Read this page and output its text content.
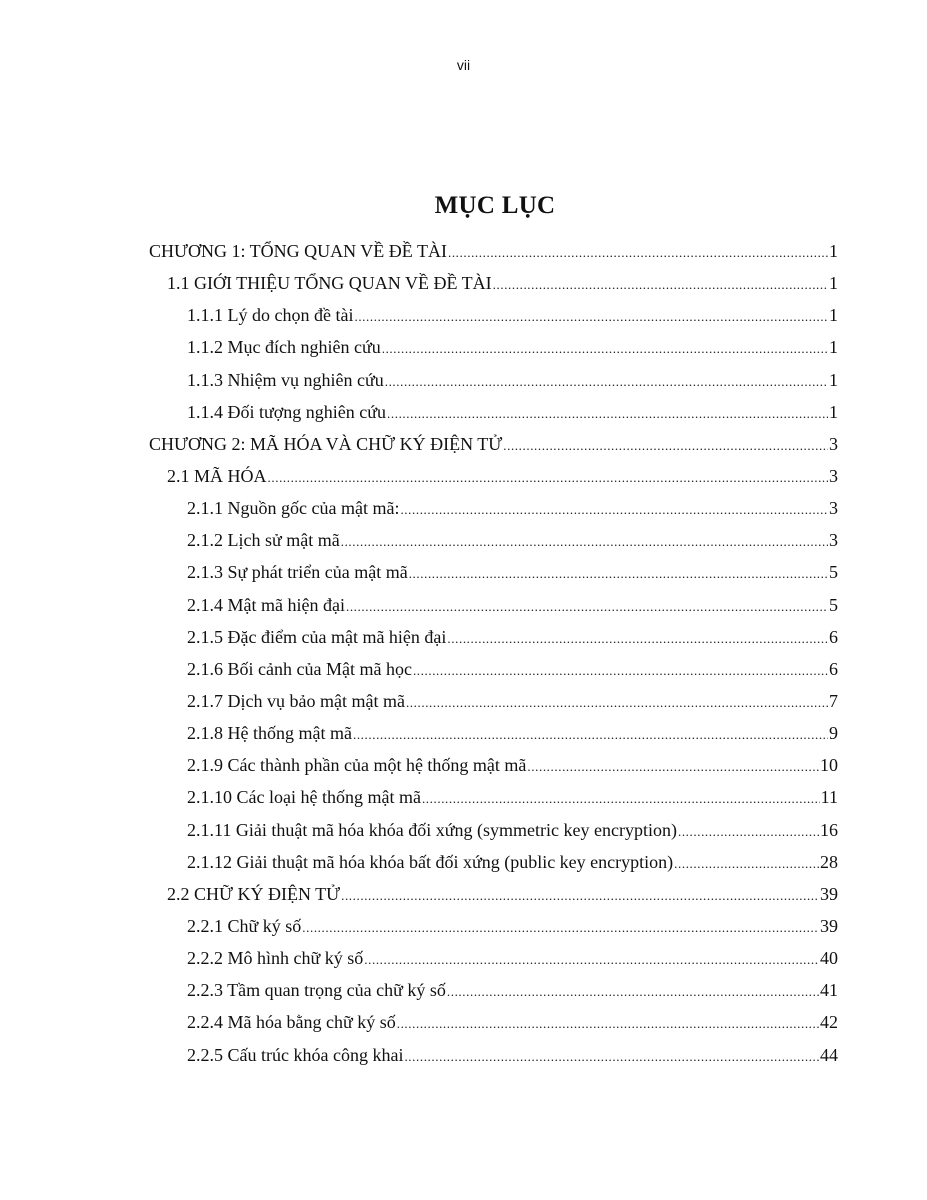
vii
MỤC LỤC
CHƯƠNG 1: TỔNG QUAN VỀ ĐỀ TÀI .....	1
1.1 GIỚI THIỆU TỔNG QUAN VỀ ĐỀ TÀI .....	1
1.1.1 Lý do chọn đề tài .....	1
1.1.2 Mục đích nghiên cứu .....	1
1.1.3 Nhiệm vụ nghiên cứu .....	1
1.1.4 Đối tượng nghiên cứu .....	1
CHƯƠNG 2: MÃ HÓA VÀ CHỮ KÝ ĐIỆN TỬ .....	3
2.1 MÃ HÓA .....	3
2.1.1 Nguồn gốc của mật mã: .....	3
2.1.2 Lịch sử mật mã .....	3
2.1.3 Sự phát triển của mật mã .....	5
2.1.4 Mật mã hiện đại .....	5
2.1.5 Đặc điểm của mật mã hiện đại .....	6
2.1.6 Bối cảnh của Mật mã học .....	6
2.1.7 Dịch vụ bảo mật mật mã .....	7
2.1.8 Hệ thống mật mã .....	9
2.1.9 Các thành phần của một hệ thống mật mã .....	10
2.1.10 Các loại hệ thống mật mã .....	11
2.1.11 Giải thuật mã hóa khóa đối xứng (symmetric key encryption) .....	16
2.1.12 Giải thuật mã hóa khóa bất đối xứng (public key encryption) .....	28
2.2 CHỮ KÝ ĐIỆN TỬ .....	39
2.2.1 Chữ ký số .....	39
2.2.2 Mô hình chữ ký số .....	40
2.2.3 Tầm quan trọng của chữ ký số .....	41
2.2.4 Mã hóa bằng chữ ký số .....	42
2.2.5 Cấu trúc khóa công khai .....	44
